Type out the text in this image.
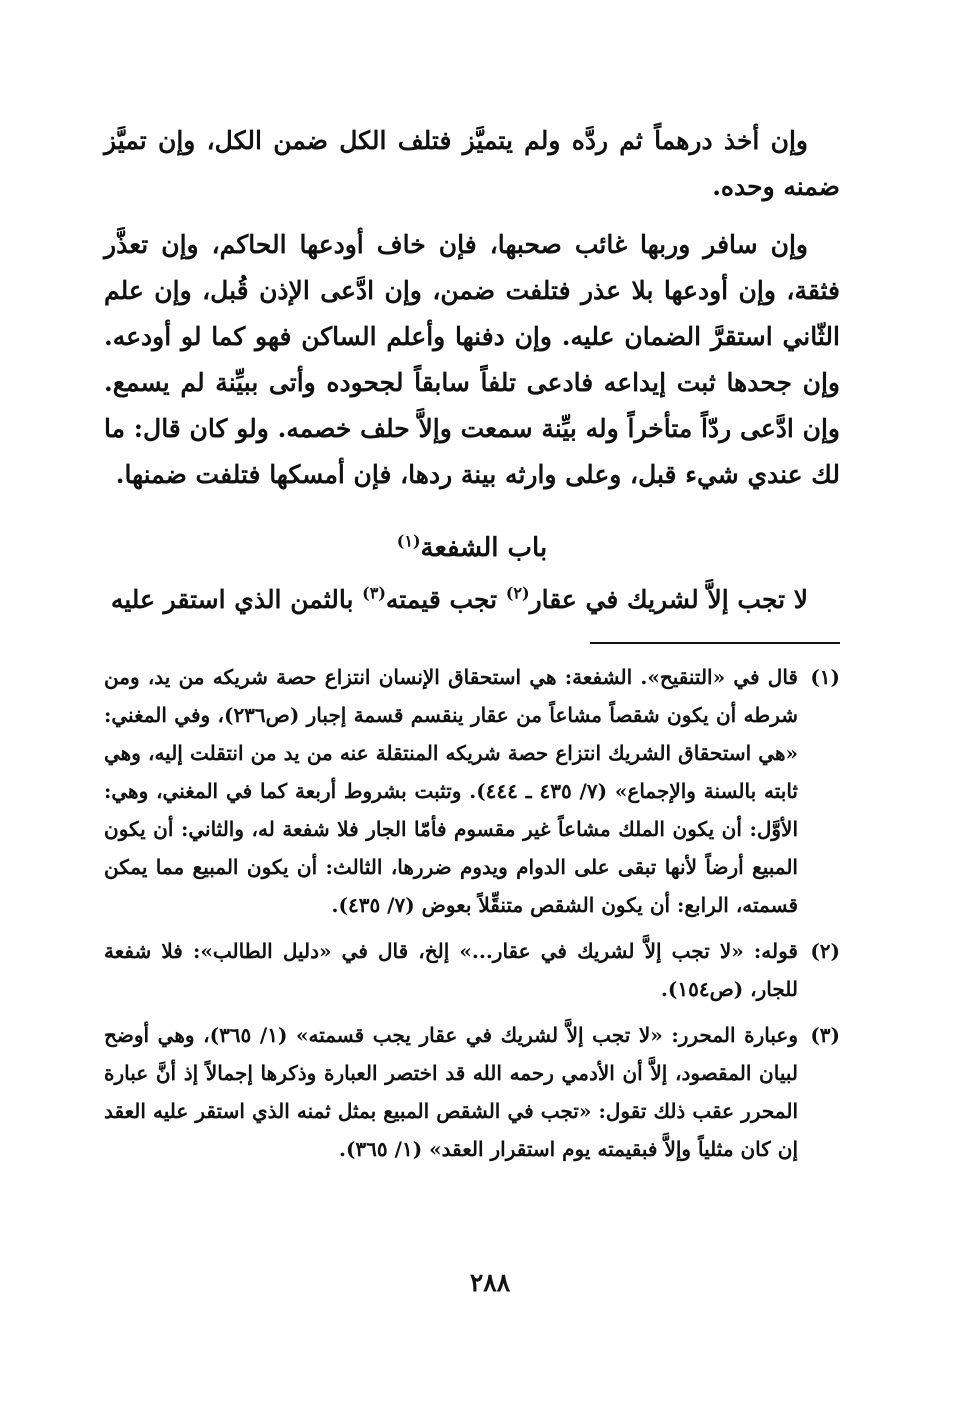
وإن أخذ درهماً ثم ردَّه ولم يتميَّز فتلف الكل ضمن الكل، وإن تميَّز ضمنه وحده.

وإن سافر وربها غائب صحبها، فإن خاف أودعها الحاكم، وإن تعذَّر فثقة، وإن أودعها بلا عذر فتلفت ضمن، وإن ادَّعى الإذن قُبل، وإن علم الثّاني استقرَّ الضمان عليه. وإن دفنها وأعلم الساكن فهو كما لو أودعه. وإن جحدها ثبت إيداعه فادعى تلفاً سابقاً لجحوده وأتى ببيِّنة لم يسمع. وإن ادَّعى ردّاً متأخراً وله بيِّنة سمعت وإلاَّ حلف خصمه. ولو كان قال: ما لك عندي شيء قبل، وعلى وارثه بينة ردها، فإن أمسكها فتلفت ضمنها.

باب الشفعة$^{(١)}$

لا تجب إلاَّ لشريك في عقار$^{(٢)}$ تجب قيمته$^{(٣)}$ بالثمن الذي استقر عليه

(١)
قال في «التنقيح». الشفعة: هي استحقاق الإنسان انتزاع حصة شريكه من يد، ومن شرطه أن يكون شقصاً مشاعاً من عقار ينقسم قسمة إجبار (ص٢٣٦)، وفي المغني: «هي استحقاق الشريك انتزاع حصة شريكه المنتقلة عنه من يد من انتقلت إليه، وهي ثابته بالسنة والإجماع» (٧/ ٤٣٥ ـ ٤٤٤). وتثبت بشروط أربعة كما في المغني، وهي: الأوَّل: أن يكون الملك مشاعاً غير مقسوم فأمّا الجار فلا شفعة له، والثاني: أن يكون المبيع أرضاً لأنها تبقى على الدوام ويدوم ضررها، الثالث: أن يكون المبيع مما يمكن قسمته، الرابع: أن يكون الشقص متنقِّلاً بعوض (٧/ ٤٣٥).
(٢)
قوله: «لا تجب إلاَّ لشريك في عقار...» إلخ، قال في «دليل الطالب»: فلا شفعة للجار، (ص١٥٤).
(٣)
وعبارة المحرر: «لا تجب إلاَّ لشريك في عقار يجب قسمته» (١/ ٣٦٥)، وهي أوضح لبيان المقصود، إلاَّ أن الأدمي رحمه الله قد اختصر العبارة وذكرها إجمالاً إذ أنَّ عبارة المحرر عقب ذلك تقول: «تجب في الشقص المبيع بمثل ثمنه الذي استقر عليه العقد إن كان مثلياً وإلاَّ فبقيمته يوم استقرار العقد» (١/ ٣٦٥).
٢٨٨
